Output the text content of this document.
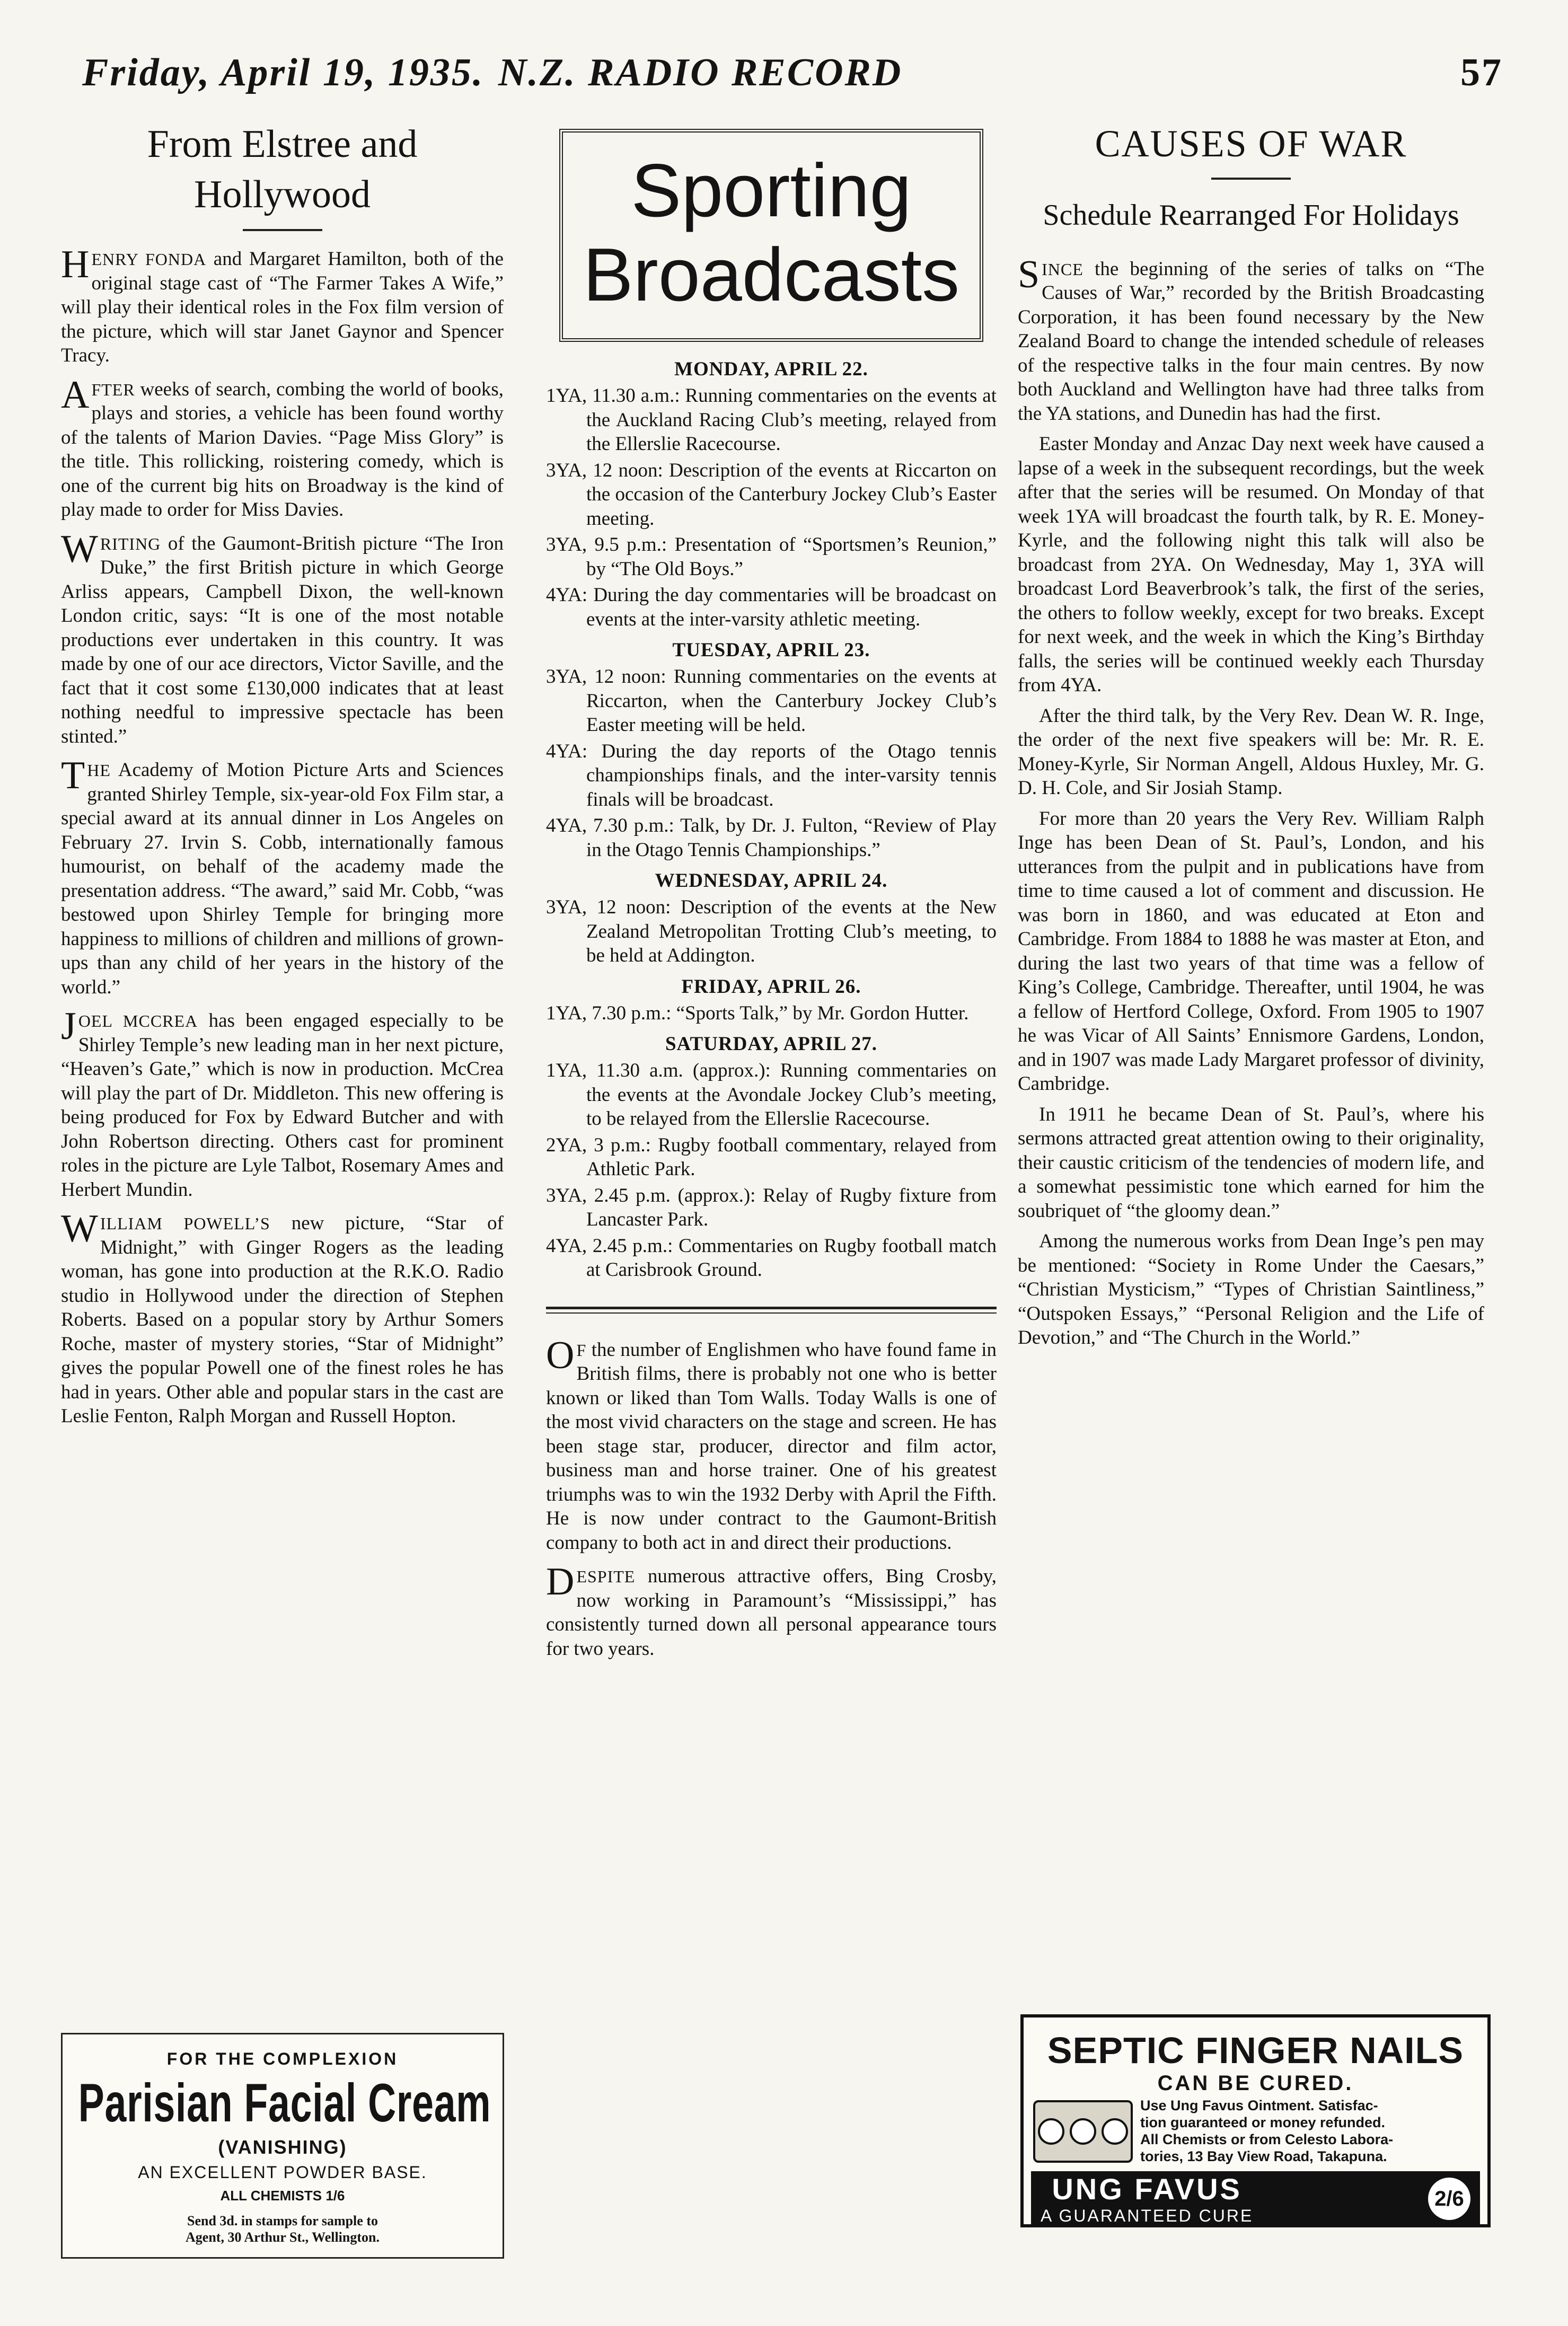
Friday, April 19, 1935. N.Z. RADIO RECORD	57
From Elstree and Hollywood

HENRY FONDA and Margaret Hamilton, both of the original stage cast of “The Farmer Takes A Wife,” will play their identical roles in the Fox film version of the picture, which will star Janet Gaynor and Spencer Tracy.

AFTER weeks of search, combing the world of books, plays and stories, a vehicle has been found worthy of the talents of Marion Davies. “Page Miss Glory” is the title. This rollicking, roistering comedy, which is one of the current big hits on Broadway is the kind of play made to order for Miss Davies.

WRITING of the Gaumont-British picture “The Iron Duke,” the first British picture in which George Arliss appears, Campbell Dixon, the well-known London critic, says: “It is one of the most notable productions ever undertaken in this country. It was made by one of our ace directors, Victor Saville, and the fact that it cost some £130,000 indicates that at least nothing needful to impressive spectacle has been stinted.”

THE Academy of Motion Picture Arts and Sciences granted Shirley Temple, six-year-old Fox Film star, a special award at its annual dinner in Los Angeles on February 27. Irvin S. Cobb, internationally famous humourist, on behalf of the academy made the presentation address. “The award,” said Mr. Cobb, “was bestowed upon Shirley Temple for bringing more happiness to millions of children and millions of grown-ups than any child of her years in the history of the world.”

JOEL MCCREA has been engaged especially to be Shirley Temple’s new leading man in her next picture, “Heaven’s Gate,” which is now in production. McCrea will play the part of Dr. Middleton. This new offering is being produced for Fox by Edward Butcher and with John Robertson directing. Others cast for prominent roles in the picture are Lyle Talbot, Rosemary Ames and Herbert Mundin.

WILLIAM POWELL’S new picture, “Star of Midnight,” with Ginger Rogers as the leading woman, has gone into production at the R.K.O. Radio studio in Hollywood under the direction of Stephen Roberts. Based on a popular story by Arthur Somers Roche, master of mystery stories, “Star of Midnight” gives the popular Powell one of the finest roles he has had in years. Other able and popular stars in the cast are Leslie Fenton, Ralph Morgan and Russell Hopton.

Sporting
Broadcasts
MONDAY, APRIL 22.
1YA, 11.30 a.m.: Running commentaries on the events at the Auckland Racing Club’s meeting, relayed from the Ellerslie Racecourse.
3YA, 12 noon: Description of the events at Riccarton on the occasion of the Canterbury Jockey Club’s Easter meeting.
3YA, 9.5 p.m.: Presentation of “Sportsmen’s Reunion,” by “The Old Boys.”
4YA: During the day commentaries will be broadcast on events at the inter-varsity athletic meeting.
TUESDAY, APRIL 23.
3YA, 12 noon: Running commentaries on the events at Riccarton, when the Canterbury Jockey Club’s Easter meeting will be held.
4YA: During the day reports of the Otago tennis championships finals, and the inter-varsity tennis finals will be broadcast.
4YA, 7.30 p.m.: Talk, by Dr. J. Fulton, “Review of Play in the Otago Tennis Championships.”
WEDNESDAY, APRIL 24.
3YA, 12 noon: Description of the events at the New Zealand Metropolitan Trotting Club’s meeting, to be held at Addington.
FRIDAY, APRIL 26.
1YA, 7.30 p.m.: “Sports Talk,” by Mr. Gordon Hutter.
SATURDAY, APRIL 27.
1YA, 11.30 a.m. (approx.): Running commentaries on the events at the Avondale Jockey Club’s meeting, to be relayed from the Ellerslie Racecourse.
2YA, 3 p.m.: Rugby football commentary, relayed from Athletic Park.
3YA, 2.45 p.m. (approx.): Relay of Rugby fixture from Lancaster Park.
4YA, 2.45 p.m.: Commentaries on Rugby football match at Carisbrook Ground.

O F the number of Englishmen who have found fame in British films, there is probably not one who is better known or liked than Tom Walls. Today Walls is one of the most vivid characters on the stage and screen. He has been stage star, producer, director and film actor, business man and horse trainer. One of his greatest triumphs was to win the 1932 Derby with April the Fifth. He is now under contract to the Gaumont-British company to both act in and direct their productions.

DESPITE numerous attractive offers, Bing Crosby, now working in Paramount’s “Mississippi,” has consistently turned down all personal appearance tours for two years.

CAUSES OF WAR

Schedule Rearranged For Holidays

SINCE the beginning of the series of talks on “The Causes of War,” recorded by the British Broadcasting Corporation, it has been found necessary by the New Zealand Board to change the intended schedule of releases of the respective talks in the four main centres. By now both Auckland and Wellington have had three talks from the YA stations, and Dunedin has had the first.

Easter Monday and Anzac Day next week have caused a lapse of a week in the subsequent recordings, but the week after that the series will be resumed. On Monday of that week 1YA will broadcast the fourth talk, by R. E. Money-Kyrle, and the following night this talk will also be broadcast from 2YA. On Wednesday, May 1, 3YA will broadcast Lord Beaverbrook’s talk, the first of the series, the others to follow weekly, except for two breaks. Except for next week, and the week in which the King’s Birthday falls, the series will be continued weekly each Thursday from 4YA.

After the third talk, by the Very Rev. Dean W. R. Inge, the order of the next five speakers will be: Mr. R. E. Money-Kyrle, Sir Norman Angell, Aldous Huxley, Mr. G. D. H. Cole, and Sir Josiah Stamp.

For more than 20 years the Very Rev. William Ralph Inge has been Dean of St. Paul’s, London, and his utterances from the pulpit and in publications have from time to time caused a lot of comment and discussion. He was born in 1860, and was educated at Eton and Cambridge. From 1884 to 1888 he was master at Eton, and during the last two years of that time was a fellow of King’s College, Cambridge. Thereafter, until 1904, he was a fellow of Hertford College, Oxford. From 1905 to 1907 he was Vicar of All Saints’ Ennismore Gardens, London, and in 1907 was made Lady Margaret professor of divinity, Cambridge.

In 1911 he became Dean of St. Paul’s, where his sermons attracted great attention owing to their originality, their caustic criticism of the tendencies of modern life, and a somewhat pessimistic tone which earned for him the soubriquet of “the gloomy dean.”

Among the numerous works from Dean Inge’s pen may be mentioned: “Society in Rome Under the Caesars,” “Christian Mysticism,” “Types of Christian Saintliness,” “Outspoken Essays,” “Personal Religion and the Life of Devotion,” and “The Church in the World.”

FOR THE COMPLEXION
Parisian Facial Cream
(VANISHING)
AN EXCELLENT POWDER BASE.
ALL CHEMISTS 1/6
Send 3d. in stamps for sample to
Agent, 30 Arthur St., Wellington.
SEPTIC FINGER NAILS
CAN BE CURED.
Use Ung Favus Ointment. Satisfac-
tion guaranteed or money refunded.
All Chemists or from Celesto Labora-
tories, 13 Bay View Road, Takapuna.
UNG FAVUS
A GUARANTEED CURE
2/6
